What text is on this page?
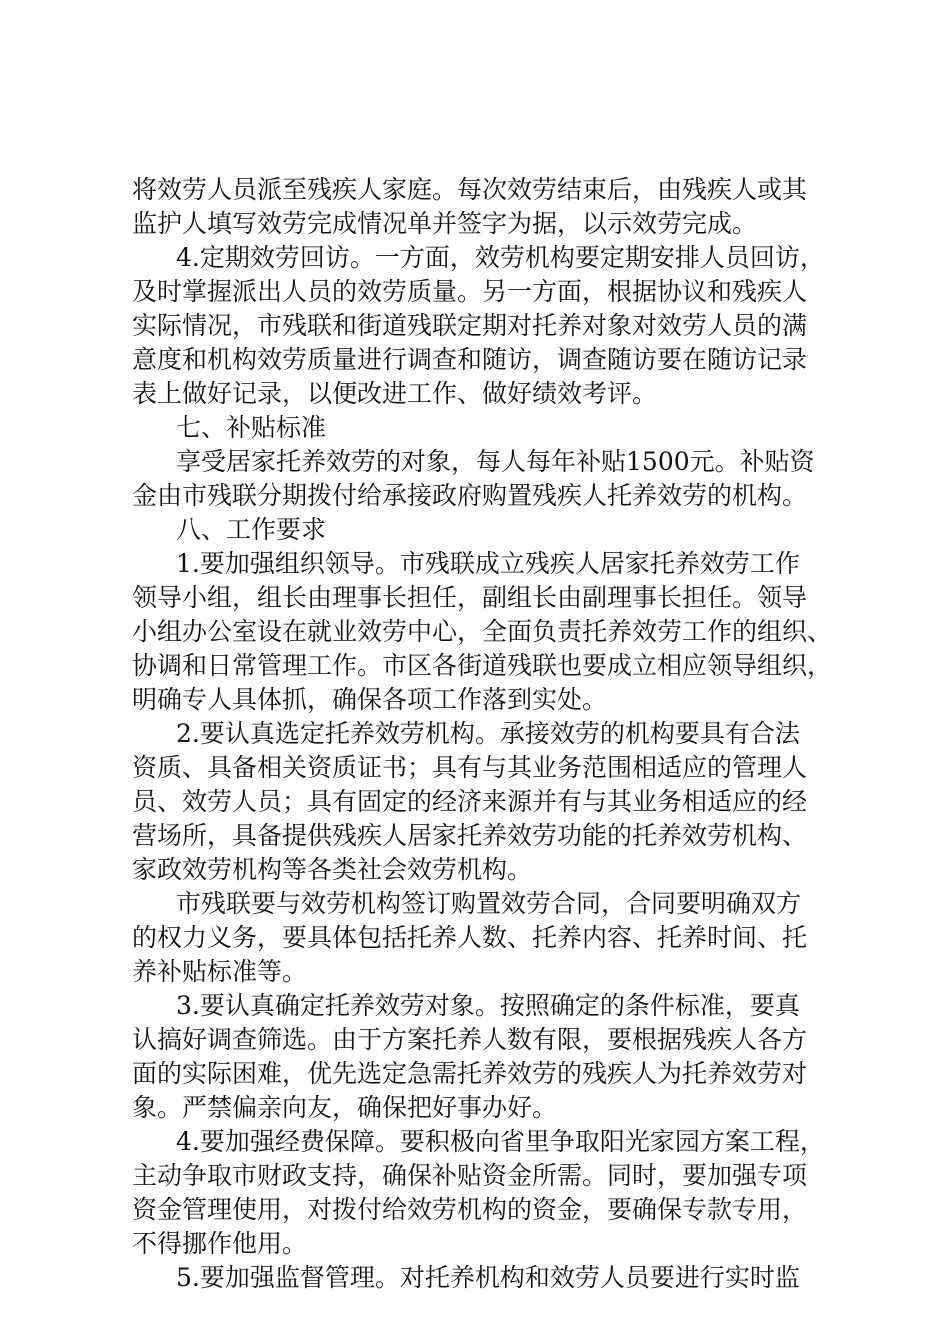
将效劳人员派至残疾人家庭。每次效劳结束后，由残疾人或其
监护人填写效劳完成情况单并签字为据，以示效劳完成。
4.定期效劳回访。一方面，效劳机构要定期安排人员回访，
及时掌握派出人员的效劳质量。另一方面，根据协议和残疾人
实际情况，市残联和街道残联定期对托养对象对效劳人员的满
意度和机构效劳质量进行调查和随访，调查随访要在随访记录
表上做好记录，以便改进工作、做好绩效考评。
七、补贴标准
享受居家托养效劳的对象，每人每年补贴1500元。补贴资
金由市残联分期拨付给承接政府购置残疾人托养效劳的机构。
八、工作要求
1.要加强组织领导。市残联成立残疾人居家托养效劳工作
领导小组，组长由理事长担任，副组长由副理事长担任。领导
小组办公室设在就业效劳中心，全面负责托养效劳工作的组织、
协调和日常管理工作。市区各街道残联也要成立相应领导组织，
明确专人具体抓，确保各项工作落到实处。
2.要认真选定托养效劳机构。承接效劳的机构要具有合法
资质、具备相关资质证书；具有与其业务范围相适应的管理人
员、效劳人员；具有固定的经济来源并有与其业务相适应的经
营场所，具备提供残疾人居家托养效劳功能的托养效劳机构、
家政效劳机构等各类社会效劳机构。
市残联要与效劳机构签订购置效劳合同，合同要明确双方
的权力义务，要具体包括托养人数、托养内容、托养时间、托
养补贴标准等。
3.要认真确定托养效劳对象。按照确定的条件标准，要真
认搞好调查筛选。由于方案托养人数有限，要根据残疾人各方
面的实际困难，优先选定急需托养效劳的残疾人为托养效劳对
象。严禁偏亲向友，确保把好事办好。
4.要加强经费保障。要积极向省里争取阳光家园方案工程，
主动争取市财政支持，确保补贴资金所需。同时，要加强专项
资金管理使用，对拨付给效劳机构的资金，要确保专款专用，
不得挪作他用。
5.要加强监督管理。对托养机构和效劳人员要进行实时监
